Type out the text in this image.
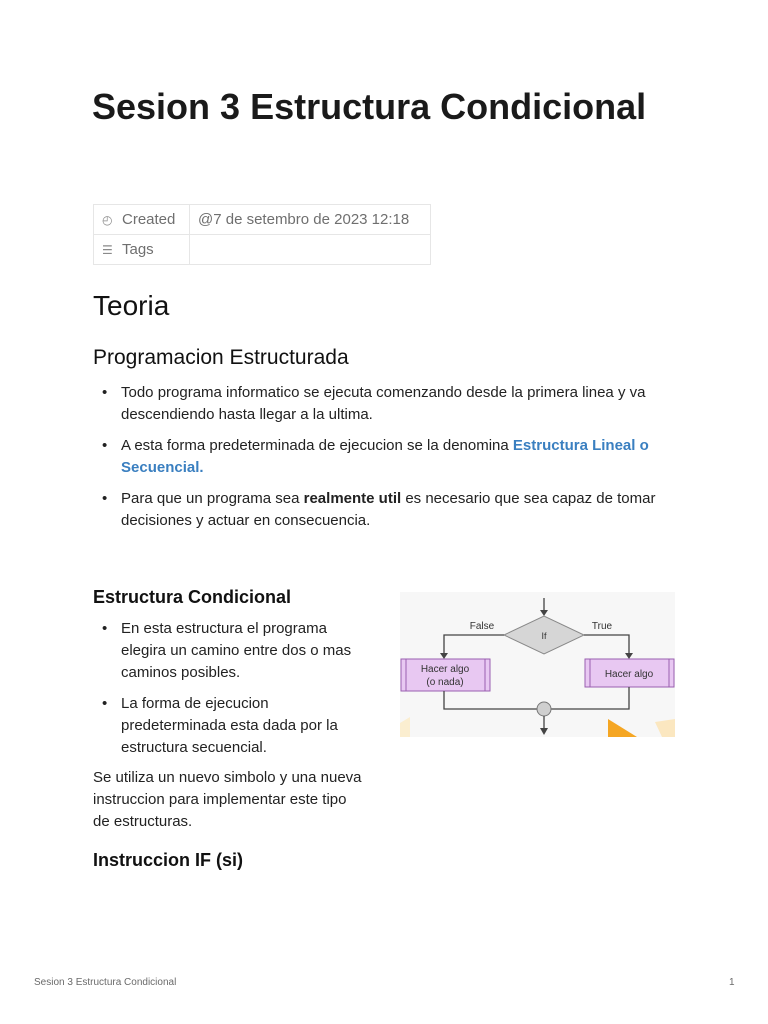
Sesion 3 Estructura Condicional
◴ Created	@7 de setembro de 2023 12:18
☰ Tags	
Teoria
Programacion Estructurada
• Todo programa informatico se ejecuta comenzando desde la primera linea y va descendiendo hasta llegar a la ultima.
• A esta forma predeterminada de ejecucion se la denomina Estructura Lineal o Secuencial.
• Para que un programa sea realmente util es necesario que sea capaz de tomar decisiones y actuar en consecuencia.
Estructura Condicional
• En esta estructura el programa elegira un camino entre dos o mas caminos posibles.
• La forma de ejecucion predeterminada esta dada por la estructura secuencial.

Se utiliza un nuevo simbolo y una nueva instruccion para implementar este tipo de estructuras.

If
False	True
Hacer algo
(o nada)
Hacer algo
Instruccion IF (si)
Sesion 3 Estructura Condicional	1
